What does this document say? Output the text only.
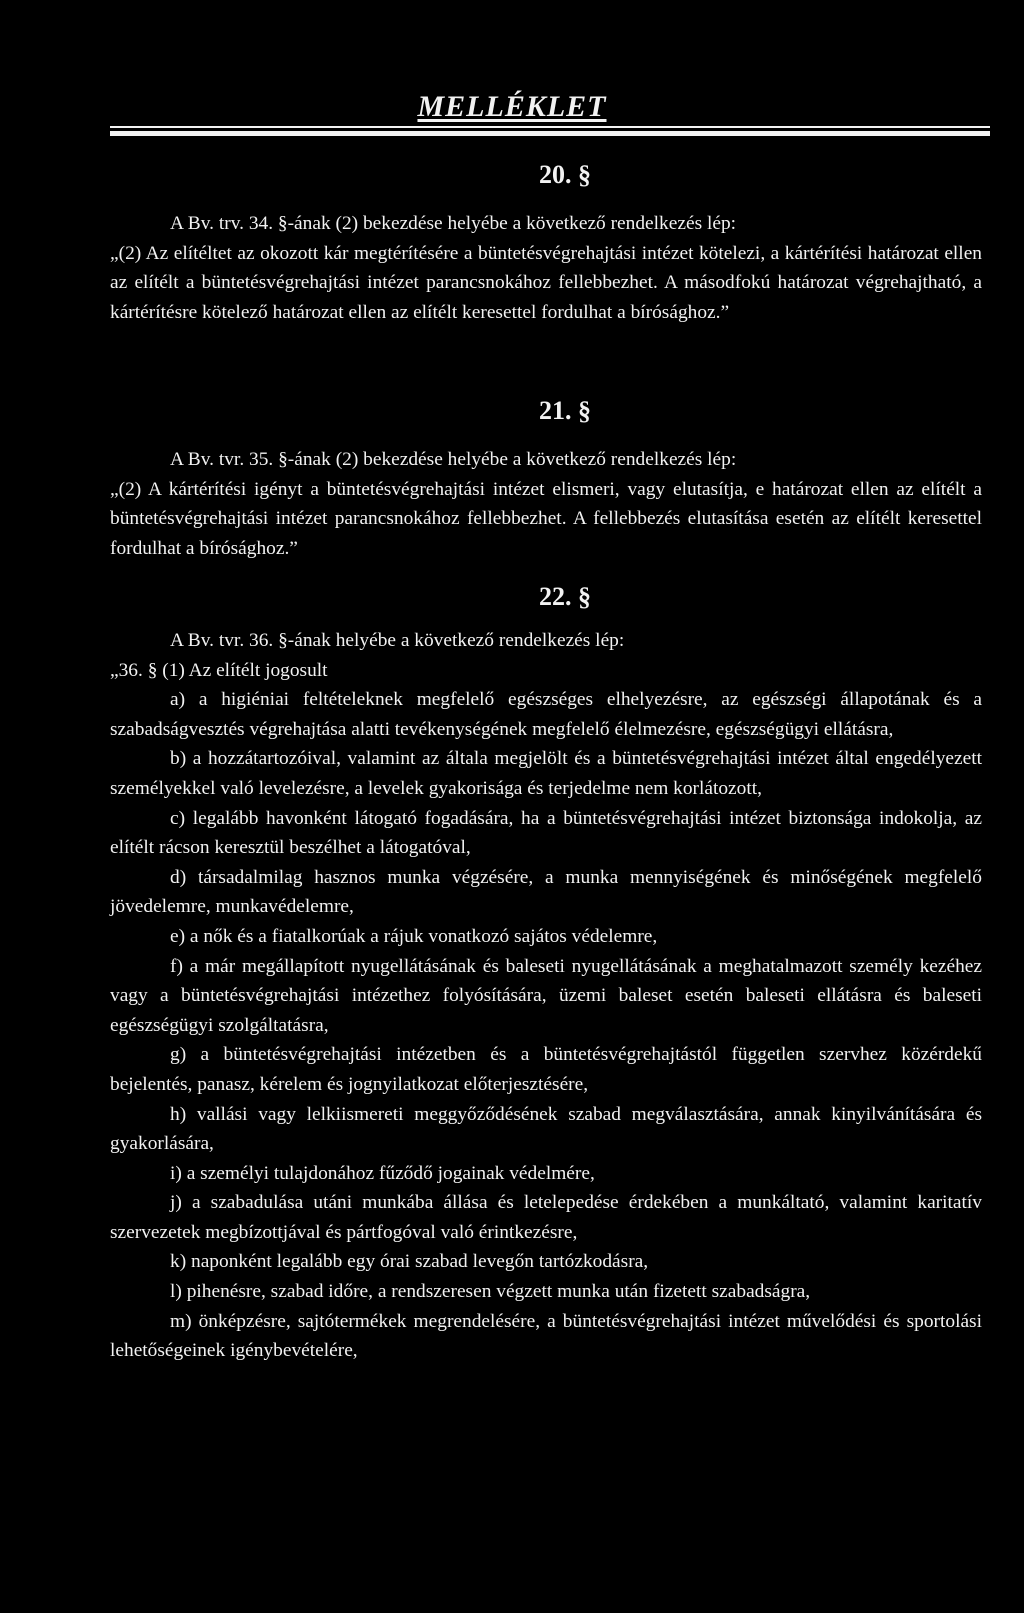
MELLÉKLET
20. §

A Bv. trv. 34. §-ának (2) bekezdése helyébe a következő rendelkezés lép:

„(2) Az elítéltet az okozott kár megtérítésére a büntetésvégrehajtási intézet kötelezi, a kártérítési határozat ellen az elítélt a büntetésvégrehajtási intézet parancsnokához fellebbezhet. A másodfokú határozat végrehajtható, a kártérítésre kötelező határozat ellen az elítélt keresettel fordulhat a bírósághoz.”

21. §

A Bv. tvr. 35. §-ának (2) bekezdése helyébe a következő rendelkezés lép:

„(2) A kártérítési igényt a büntetésvégrehajtási intézet elismeri, vagy elutasítja, e határozat ellen az elítélt a büntetésvégrehajtási intézet parancsnokához fellebbezhet. A fellebbezés elutasítása esetén az elítélt keresettel fordulhat a bírósághoz.”

22. §

A Bv. tvr. 36. §-ának helyébe a következő rendelkezés lép:

„36. § (1) Az elítélt jogosult

a) a higiéniai feltételeknek megfelelő egészséges elhelyezésre, az egészségi állapotának és a szabadságvesztés végrehajtása alatti tevékenységének megfelelő élelmezésre, egészségügyi ellátásra,

b) a hozzátartozóival, valamint az általa megjelölt és a büntetésvégrehajtási intézet által engedélyezett személyekkel való levelezésre, a levelek gyakorisága és terjedelme nem korlátozott,

c) legalább havonként látogató fogadására, ha a büntetésvégrehajtási intézet biztonsága indokolja, az elítélt rácson keresztül beszélhet a látogatóval,

d) társadalmilag hasznos munka végzésére, a munka mennyiségének és minőségének megfelelő jövedelemre, munkavédelemre,

e) a nők és a fiatalkorúak a rájuk vonatkozó sajátos védelemre,

f) a már megállapított nyugellátásának és baleseti nyugellátásának a meghatalmazott személy kezéhez vagy a büntetésvégrehajtási intézethez folyósítására, üzemi baleset esetén baleseti ellátásra és baleseti egészségügyi szolgáltatásra,

g) a büntetésvégrehajtási intézetben és a büntetésvégrehajtástól független szervhez közérdekű bejelentés, panasz, kérelem és jognyilatkozat előterjesztésére,

h) vallási vagy lelkiismereti meggyőződésének szabad megválasztására, annak kinyilvánítására és gyakorlására,

i) a személyi tulajdonához fűződő jogainak védelmére,

j) a szabadulása utáni munkába állása és letelepedése érdekében a munkáltató, valamint karitatív szervezetek megbízottjával és pártfogóval való érintkezésre,

k) naponként legalább egy órai szabad levegőn tartózkodásra,

l) pihenésre, szabad időre, a rendszeresen végzett munka után fizetett szabadságra,

m) önképzésre, sajtótermékek megrendelésére, a büntetésvégrehajtási intézet művelődési és sportolási lehetőségeinek igénybevételére,
